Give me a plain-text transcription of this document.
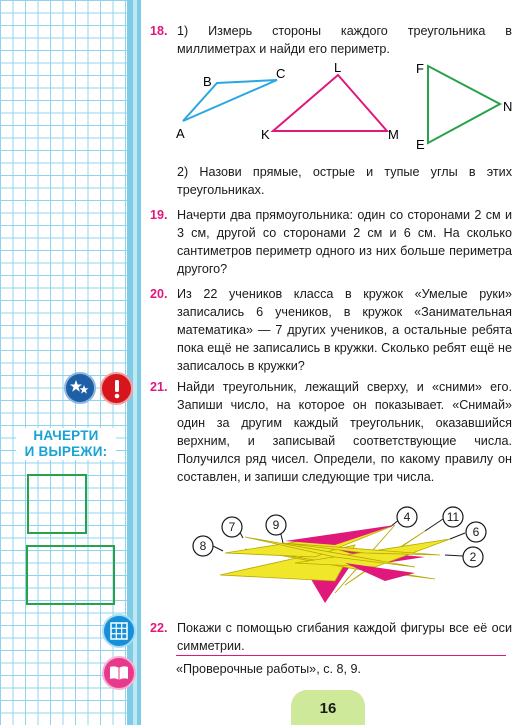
НАЧЕРТИ
И ВЫРЕЖИ:
18. 1) Измерь стороны каждого треугольника в миллиметрах и найди его периметр.
A
B
C
K
L
M
E
F
N
2) Назови прямые, острые и тупые углы в этих треугольниках.
19. Начерти два прямоугольника: один со сторонами 2 см и 3 см, другой со сторонами 2 см и 6 см. На сколько сантиметров периметр одного из них больше периметра другого?
20. Из 22 учеников класса в кружок «Умелые руки» записались 6 учеников, в кружок «Занимательная математика» — 7 других учеников, а остальные ребята пока ещё не записались в кружки. Сколько ребят ещё не записалось в кружки?
21. Найди треугольник, лежащий сверху, и «сними» его. Запиши число, на которое он показывает. «Снимай» один за другим каждый треугольник, оказавшийся верхним, и записывай соответствующие числа. Получился ряд чисел. Определи, по какому правилу он составлен, и запиши следующие три числа.
7	9
8
4	11
6
2
22. Покажи с помощью сгибания каждой фигуры все её оси симметрии.
«Проверочные работы», с. 8, 9.
16
